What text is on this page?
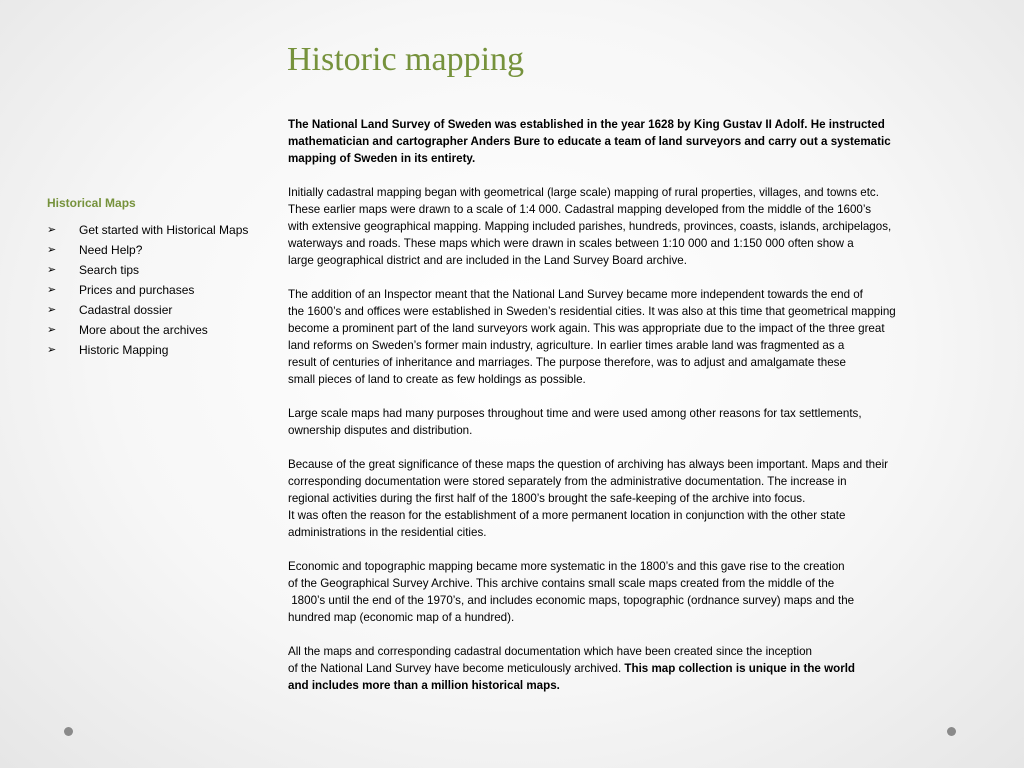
Historic mapping
Historical Maps
➢ Get started with Historical Maps
➢ Need Help?
➢ Search tips
➢ Prices and purchases
➢ Cadastral dossier
➢ More about the archives
➢ Historic Mapping

The National Land Survey of Sweden was established in the year 1628 by King Gustav II Adolf. He instructed
mathematician and cartographer Anders Bure to educate a team of land surveyors and carry out a systematic
mapping of Sweden in its entirety.

Initially cadastral mapping began with geometrical (large scale) mapping of rural properties, villages, and towns etc.
These earlier maps were drawn to a scale of 1:4 000. Cadastral mapping developed from the middle of the 1600’s
with extensive geographical mapping. Mapping included parishes, hundreds, provinces, coasts, islands, archipelagos,
waterways and roads. These maps which were drawn in scales between 1:10 000 and 1:150 000 often show a
large geographical district and are included in the Land Survey Board archive.

The addition of an Inspector meant that the National Land Survey became more independent towards the end of
the 1600’s and offices were established in Sweden’s residential cities. It was also at this time that geometrical mapping
become a prominent part of the land surveyors work again. This was appropriate due to the impact of the three great
land reforms on Sweden’s former main industry, agriculture. In earlier times arable land was fragmented as a
result of centuries of inheritance and marriages. The purpose therefore, was to adjust and amalgamate these
small pieces of land to create as few holdings as possible.

Large scale maps had many purposes throughout time and were used among other reasons for tax settlements,
ownership disputes and distribution.

Because of the great significance of these maps the question of archiving has always been important. Maps and their
corresponding documentation were stored separately from the administrative documentation. The increase in
regional activities during the first half of the 1800’s brought the safe-keeping of the archive into focus.
It was often the reason for the establishment of a more permanent location in conjunction with the other state
administrations in the residential cities.

Economic and topographic mapping became more systematic in the 1800’s and this gave rise to the creation
of the Geographical Survey Archive. This archive contains small scale maps created from the middle of the
1800’s until the end of the 1970’s, and includes economic maps, topographic (ordnance survey) maps and the
hundred map (economic map of a hundred).

All the maps and corresponding cadastral documentation which have been created since the inception
of the National Land Survey have become meticulously archived. This map collection is unique in the world
and includes more than a million historical maps.
